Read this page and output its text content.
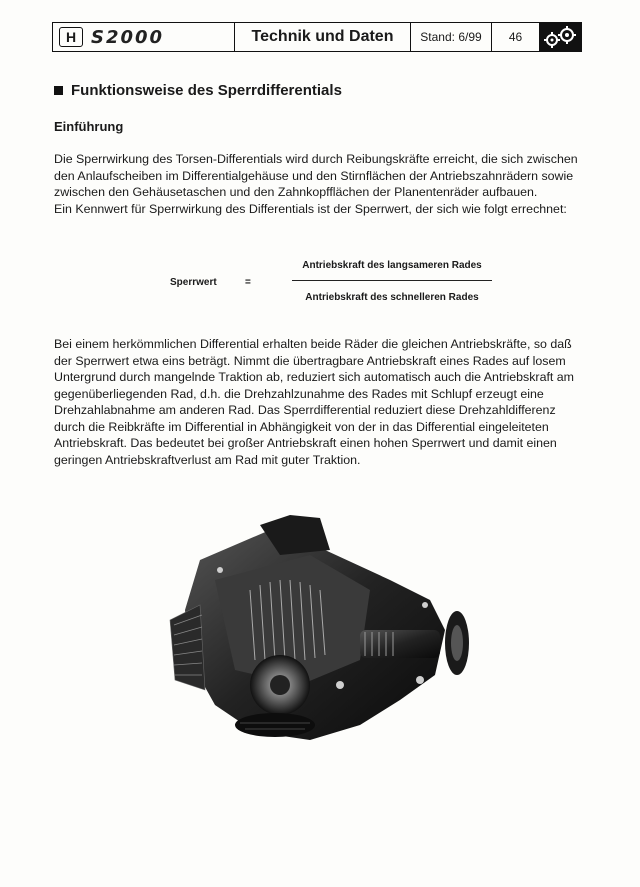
H S2000	Technik und Daten	Stand: 6/99	46
Funktionsweise des Sperrdifferentials
Einführung
Die Sperrwirkung des Torsen-Differentials wird durch Reibungskräfte erreicht, die sich zwischen den Anlaufscheiben im Differentialgehäuse und den Stirnflächen der Antriebszahnrädern sowie zwischen den Gehäusetaschen und den Zahnkopfflächen der Planentenräder aufbauen.
Ein Kennwert für Sperrwirkung des Differentials ist der Sperrwert, der sich wie folgt errechnet:
Sperrwert	=
Antriebskraft des langsameren Rades
Antriebskraft des schnelleren Rades

Bei einem herkömmlichen Differential erhalten beide Räder die gleichen Antriebskräfte, so daß der Sperrwert etwa eins beträgt. Nimmt die übertragbare Antriebskraft eines Rades auf losem Untergrund durch mangelnde Traktion ab, reduziert sich automatisch auch die Antriebskraft am gegenüberliegenden Rad, d.h. die Drehzahlzunahme des Rades mit Schlupf erzeugt eine Drehzahlabnahme am anderen Rad. Das Sperrdifferential reduziert diese Drehzahldifferenz durch die Reibkräfte im Differential in Abhängigkeit von der in das Differential eingeleiteten Antriebskraft. Das bedeutet bei großer Antriebskraft einen hohen Sperrwert und damit einen geringen Antriebskraftverlust am Rad mit guter Traktion.
